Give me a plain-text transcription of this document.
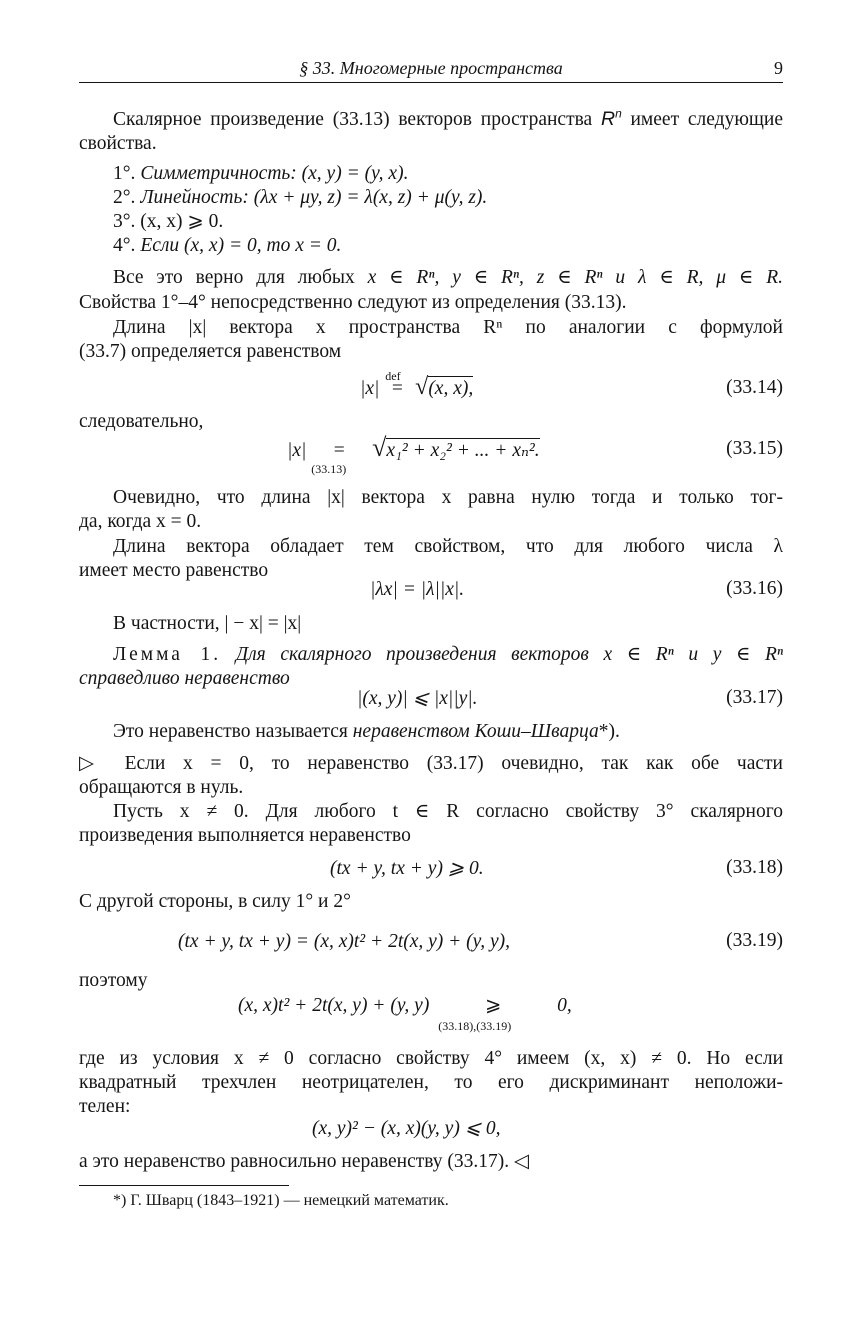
§ 33. Многомерные пространства	9
Скалярное произведение (33.13) векторов пространства $R^n$ имеет следующие свойства.
1°. Симметричность: (x, y) = (y, x).
2°. Линейность: (λx + μy, z) = λ(x, z) + μ(y, z).
3°. (x, x) ⩾ 0.
4°. Если (x, x) = 0, то x = 0.
Все это верно для любых x ∈ Rⁿ, y ∈ Rⁿ, z ∈ Rⁿ и λ ∈ R, μ ∈ R.
Свойства 1°–4° непосредственно следуют из определения (33.13).
Длина |x| вектора x пространства Rⁿ по аналогии с формулой
(33.7) определяется равенством
|x|
def
= √(x, x),	(33.14)
следовательно,
|x| =
(33.13)
√x₁² + x₂² + ... + xₙ².	(33.15)
Очевидно, что длина |x| вектора x равна нулю тогда и только тог-
да, когда x = 0.
Длина вектора обладает тем свойством, что для любого числа λ
имеет место равенство
|λx| = |λ||x|.	(33.16)
В частности, | − x| = |x|
Лемма 1. Для скалярного произведения векторов x ∈ Rⁿ и y ∈ Rⁿ
справедливо неравенство
|(x, y)| ⩽ |x||y|.	(33.17)
Это неравенство называется неравенством Коши–Шварца*).
▷ Если x = 0, то неравенство (33.17) очевидно, так как обе части
обращаются в нуль.
Пусть x ≠ 0. Для любого t ∈ R согласно свойству 3° скалярного
произведения выполняется неравенство
(tx + y, tx + y) ⩾ 0.	(33.18)
С другой стороны, в силу 1° и 2°
(tx + y, tx + y) = (x, x)t² + 2t(x, y) + (y, y),	(33.19)
поэтому
(x, x)t² + 2t(x, y) + (y, y)	⩾
(33.18),(33.19)
0,
где из условия x ≠ 0 согласно свойству 4° имеем (x, x) ≠ 0. Но если
квадратный трехчлен неотрицателен, то его дискриминант неположи-
телен:
(x, y)² − (x, x)(y, y) ⩽ 0,
а это неравенство равносильно неравенству (33.17). ◁
*) Г. Шварц (1843–1921) — немецкий математик.
